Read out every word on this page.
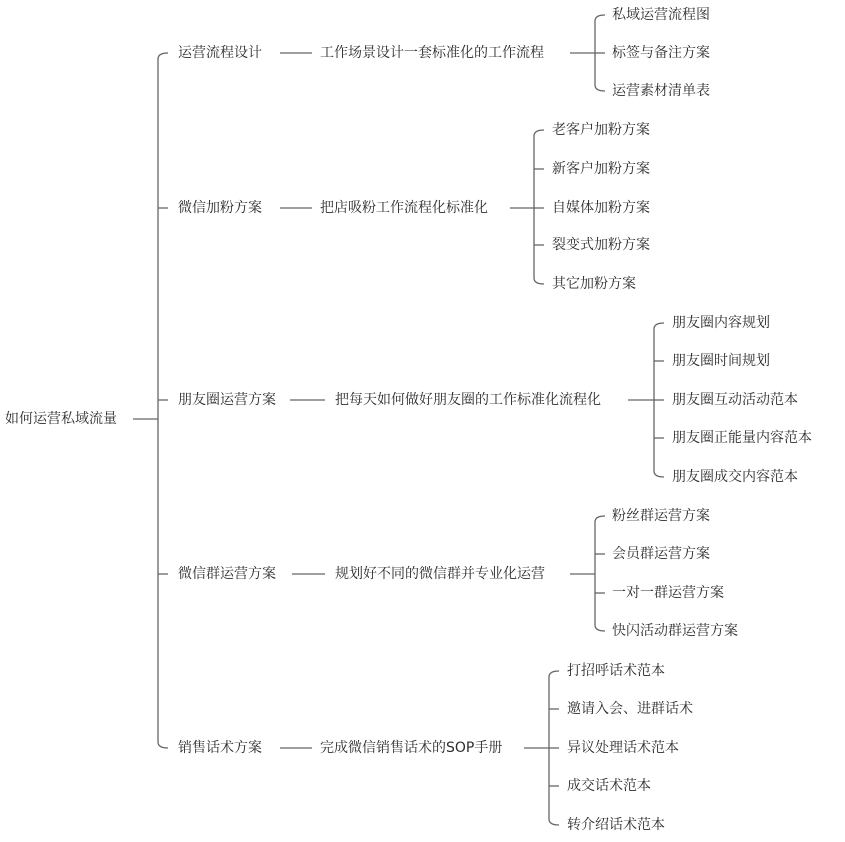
如何运营私域流量
运营流程设计	工作场景设计一套标准化的工作流程
私域运营流程图
标签与备注方案
运营素材清单表
微信加粉方案	把店吸粉工作流程化标准化
老客户加粉方案
新客户加粉方案
自媒体加粉方案
裂变式加粉方案
其它加粉方案
朋友圈运营方案	把每天如何做好朋友圈的工作标准化流程化
朋友圈内容规划
朋友圈时间规划
朋友圈互动活动范本
朋友圈正能量内容范本
朋友圈成交内容范本
微信群运营方案	规划好不同的微信群并专业化运营
粉丝群运营方案
会员群运营方案
一对一群运营方案
快闪活动群运营方案
销售话术方案	完成微信销售话术的SOP手册
打招呼话术范本
邀请入会、进群话术
异议处理话术范本
成交话术范本
转介绍话术范本
